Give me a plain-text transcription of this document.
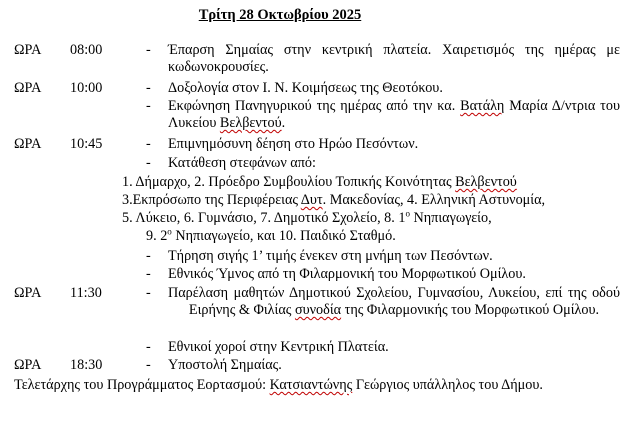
Τρίτη 28 Οκτωβρίου 2025
ΩΡΑ 08:00	- Έπαρση Σημαίας στην κεντρική πλατεία. Χαιρετισμός της ημέρας με κωδωνοκρουσίες.
ΩΡΑ 10:00	- Δοξολογία στον Ι. Ν. Κοιμήσεως της Θεοτόκου.
- Εκφώνηση Πανηγυρικού της ημέρας από την κα. Βατάλη Μαρία Δ/ντρια του Λυκείου Βελβεντού.
ΩΡΑ 10:45	- Επιμνημόσυνη δέηση στο Ηρώο Πεσόντων.
- Κατάθεση στεφάνων από:
1. Δήμαρχο, 2. Πρόεδρο Συμβουλίου Τοπικής Κοινότητας Βελβεντού
3.Εκπρόσωπο της Περιφέρειας Δυτ. Μακεδονίας, 4. Ελληνική Αστυνομία,
5. Λύκειο, 6. Γυμνάσιο, 7. Δημοτικό Σχολείο, 8. $1^o$ Νηπιαγωγείο,
9. $2^o$ Νηπιαγωγείο, και 10. Παιδικό Σταθμό.
- Τήρηση σιγής 1’ τιμής ένεκεν στη μνήμη των Πεσόντων.
- Εθνικός Ύμνος από τη Φιλαρμονική του Μορφωτικού Ομίλου.
ΩΡΑ 11:30	- Παρέλαση μαθητών Δημοτικού Σχολείου, Γυμνασίου, Λυκείου, επί της οδού Ειρήνης & Φιλίας συνοδία της Φιλαρμονικής του Μορφωτικού Ομίλου.
- Εθνικοί χοροί στην Κεντρική Πλατεία.
ΩΡΑ 18:30	- Υποστολή Σημαίας.
Τελετάρχης του Προγράμματος Εορτασμού: Κατσιαντώνης Γεώργιος υπάλληλος του Δήμου.
